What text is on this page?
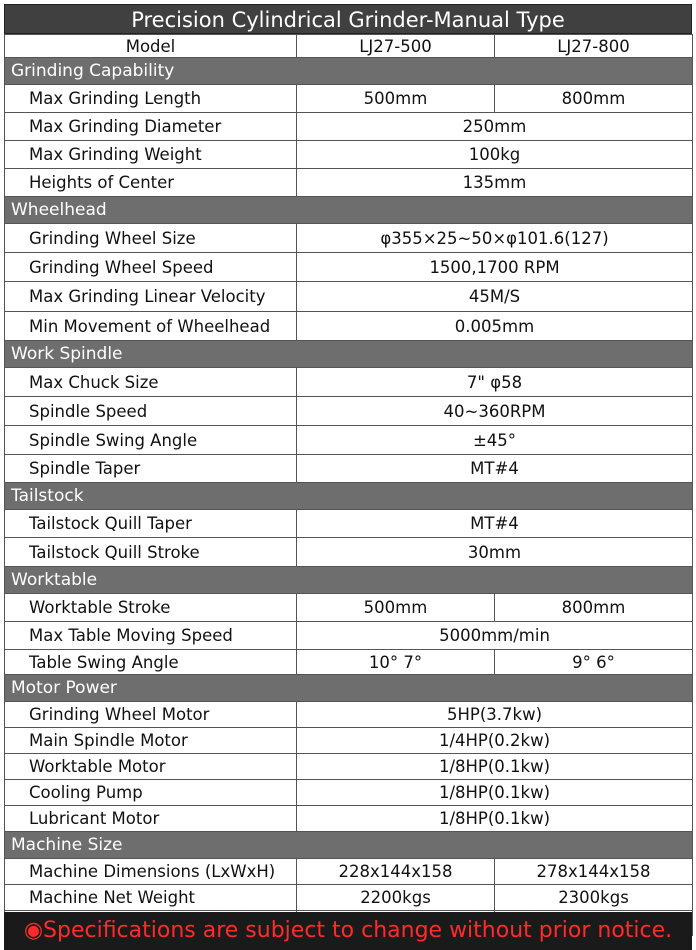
Precision Cylindrical Grinder-Manual Type
Model	LJ27-500	LJ27-800
Grinding Capability		
Max Grinding Length	500mm	800mm
Max Grinding Diameter	250mm	
Max Grinding Weight	100kg	
Heights of Center	135mm	
Wheelhead		
Grinding Wheel Size	φ355×25~50×φ101.6(127)	
Grinding Wheel Speed	1500,1700 RPM	
Max Grinding Linear Velocity	45M/S	
Min Movement of Wheelhead	0.005mm	
Work Spindle		
Max Chuck Size	7" φ58	
Spindle Speed	40~360RPM	
Spindle Swing Angle	±45°	
Spindle Taper	MT#4	
Tailstock		
Tailstock Quill Taper	MT#4	
Tailstock Quill Stroke	30mm	
Worktable		
Worktable Stroke	500mm	800mm
Max Table Moving Speed	5000mm/min	
Table Swing Angle	10° 7°	9° 6°
Motor Power		
Grinding Wheel Motor	5HP(3.7kw)	
Main Spindle Motor	1/4HP(0.2kw)	
Worktable Motor	1/8HP(0.1kw)	
Cooling Pump	1/8HP(0.1kw)	
Lubricant Motor	1/8HP(0.1kw)	
Machine Size		
Machine Dimensions (LxWxH)	228x144x158	278x144x158
Machine Net Weight	2200kgs	2300kgs

◉Specifications are subject to change without prior notice.
